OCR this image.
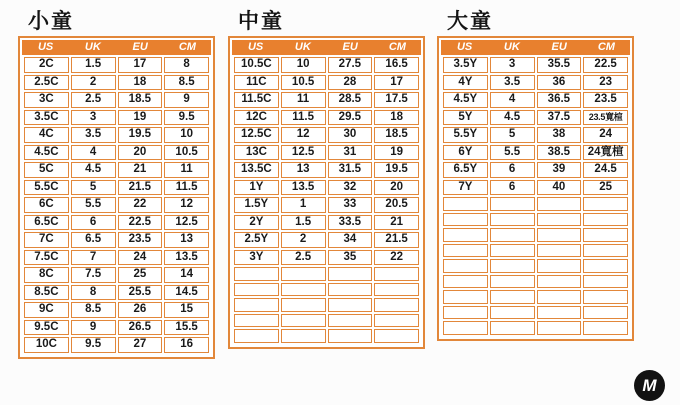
小童
US	UK	EU	CM
2C	1.5	17	8
2.5C	2	18	8.5
3C	2.5	18.5	9
3.5C	3	19	9.5
4C	3.5	19.5	10
4.5C	4	20	10.5
5C	4.5	21	11
5.5C	5	21.5	11.5
6C	5.5	22	12
6.5C	6	22.5	12.5
7C	6.5	23.5	13
7.5C	7	24	13.5
8C	7.5	25	14
8.5C	8	25.5	14.5
9C	8.5	26	15
9.5C	9	26.5	15.5
10C	9.5	27	16
中童
US	UK	EU	CM
10.5C	10	27.5	16.5
11C	10.5	28	17
11.5C	11	28.5	17.5
12C	11.5	29.5	18
12.5C	12	30	18.5
13C	12.5	31	19
13.5C	13	31.5	19.5
1Y	13.5	32	20
1.5Y	1	33	20.5
2Y	1.5	33.5	21
2.5Y	2	34	21.5
3Y	2.5	35	22

大童
US	UK	EU	CM
3.5Y	3	35.5	22.5
4Y	3.5	36	23
4.5Y	4	36.5	23.5
5Y	4.5	37.5	23.5寬楦
5.5Y	5	38	24
6Y	5.5	38.5	24寬楦
6.5Y	6	39	24.5
7Y	6	40	25

M
